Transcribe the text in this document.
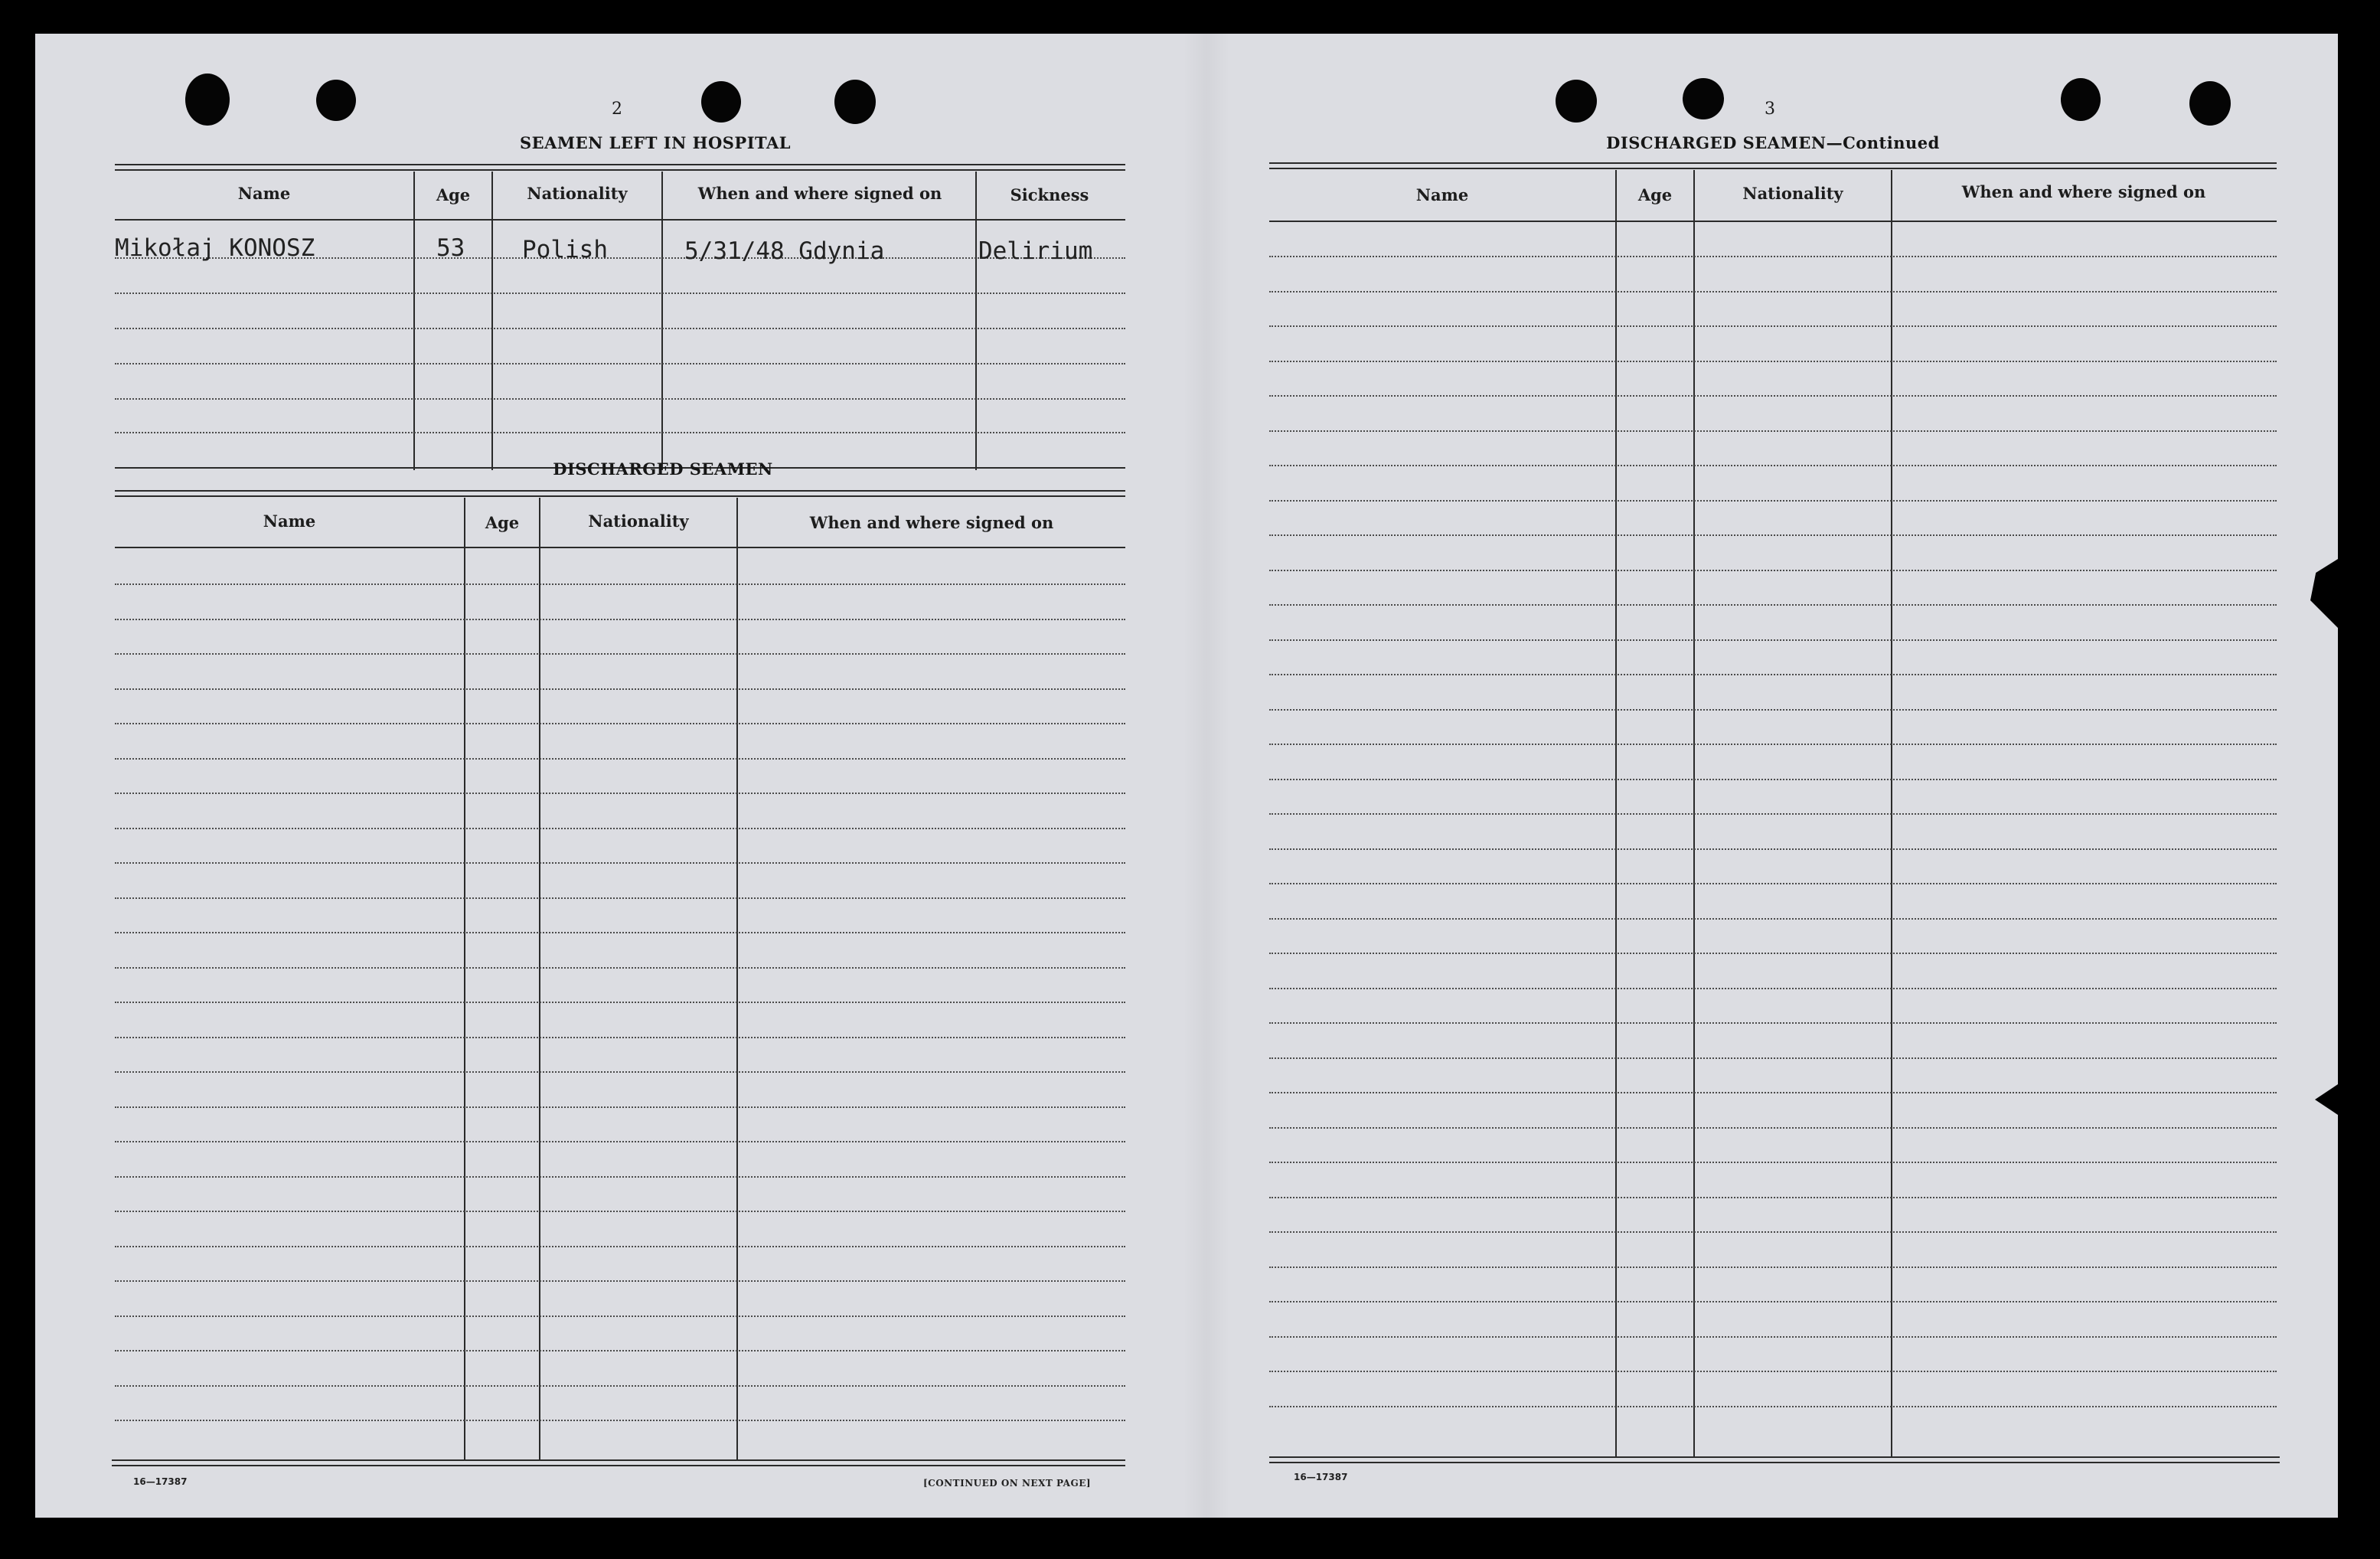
2
SEAMEN LEFT IN HOSPITAL
Name	Age	Nationality	When and where signed on	Sickness
Mikołaj KONOSZ	53 Polish	5/31/48 Gdynia	Delirium
DISCHARGED SEAMEN
Name	Age	Nationality	When and where signed on
16—17387	[CONTINUED ON NEXT PAGE]
3
DISCHARGED SEAMEN—Continued
Name	Age	Nationality	When and where signed on
16—17387
